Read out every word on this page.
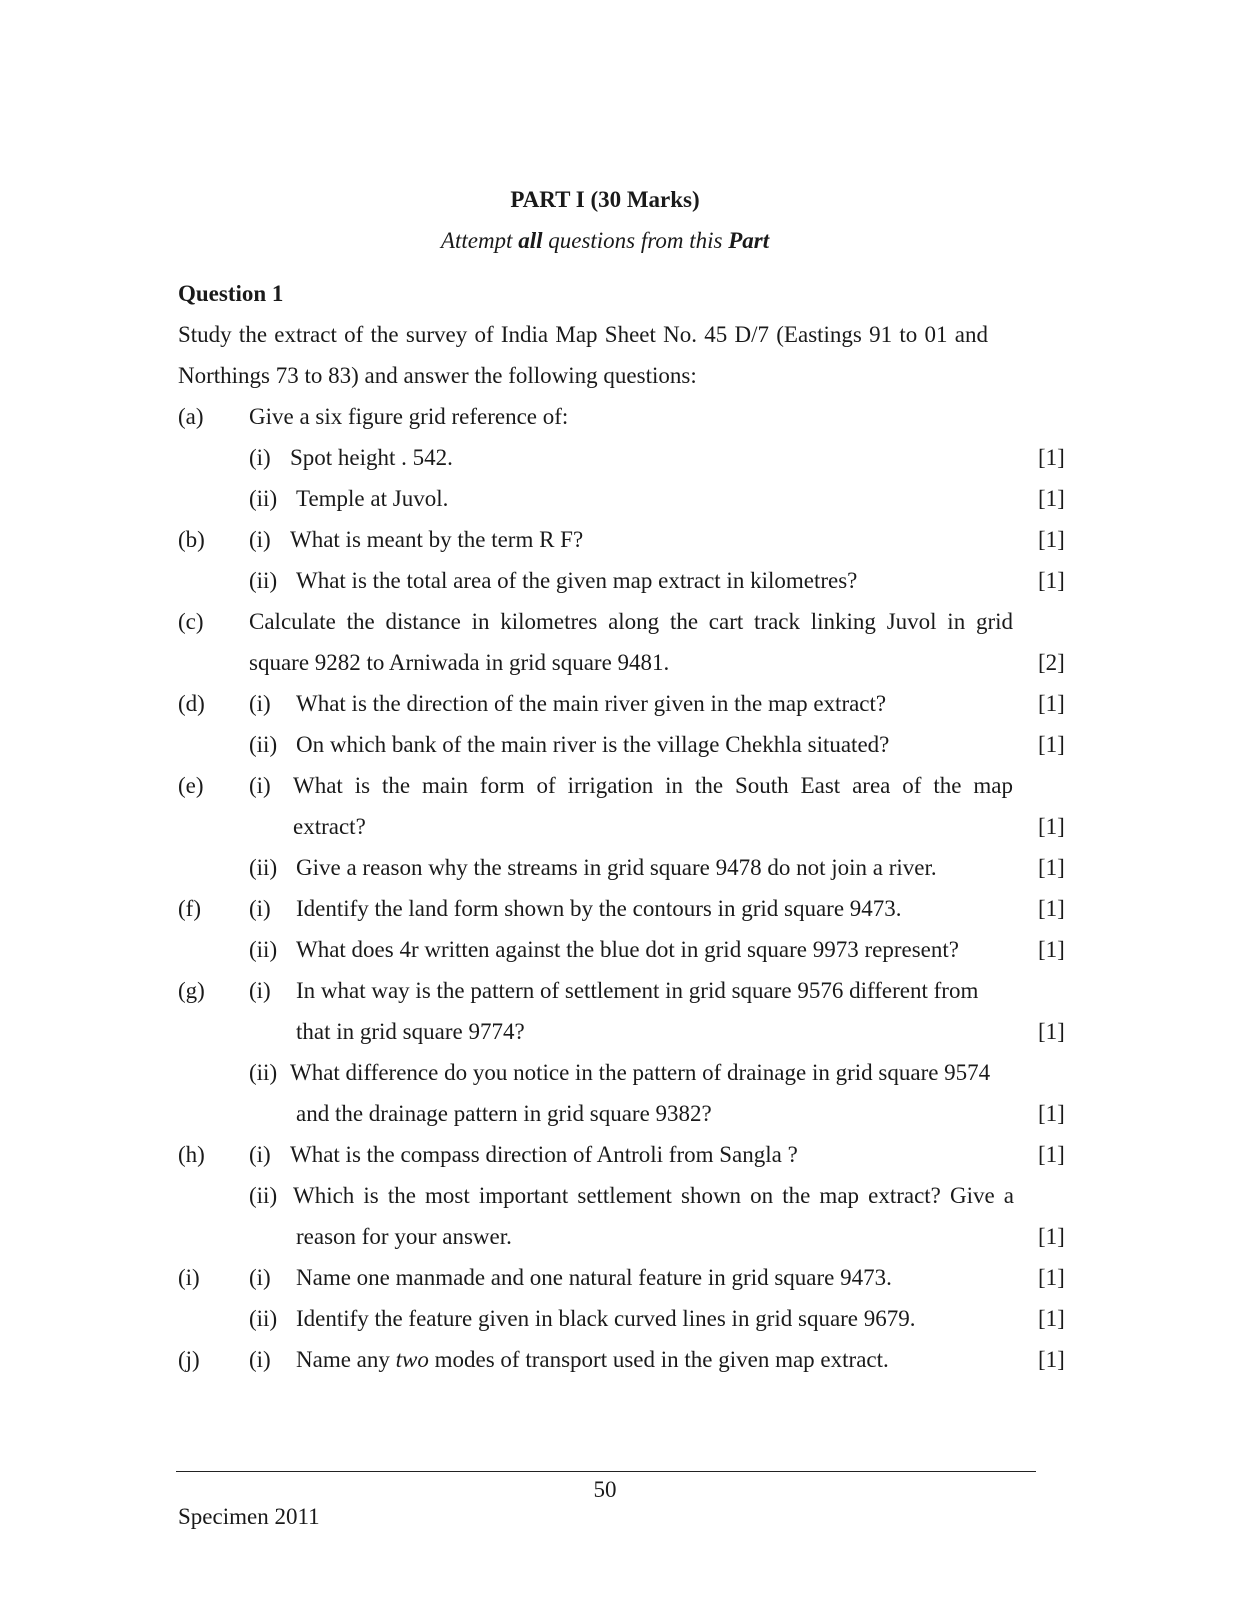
PART I (30 Marks)
Attempt all questions from this Part
Question 1
Study the extract of the survey of India Map Sheet No. 45 D/7 (Eastings 91 to 01 and
Northings 73 to 83) and answer the following questions:
(a) Give a six figure grid reference of:
(i) Spot height . 542.	[1]
(ii) Temple at Juvol.	[1]
(b) (i) What is meant by the term R F?	[1]
(ii) What is the total area of the given map extract in kilometres?	[1]
(c) Calculate the distance in kilometres along the cart track linking Juvol in grid
square 9282 to Arniwada in grid square 9481.	[2]
(d) (i) What is the direction of the main river given in the map extract?	[1]
(ii) On which bank of the main river is the village Chekhla situated?	[1]
(e) (i) What is the main form of irrigation in the South East area of the map
extract?	[1]
(ii) Give a reason why the streams in grid square 9478 do not join a river.	[1]
(f) (i) Identify the land form shown by the contours in grid square 9473.	[1]
(ii) What does 4r written against the blue dot in grid square 9973 represent?	[1]
(g) (i) In what way is the pattern of settlement in grid square 9576 different from
that in grid square 9774?	[1]
(ii) What difference do you notice in the pattern of drainage in grid square 9574
and the drainage pattern in grid square 9382?	[1]
(h) (i) What is the compass direction of Antroli from Sangla ?	[1]
(ii) Which is the most important settlement shown on the map extract? Give a
reason for your answer.	[1]
(i) (i) Name one manmade and one natural feature in grid square 9473.	[1]
(ii) Identify the feature given in black curved lines in grid square 9679.	[1]
(j) (i) Name any two modes of transport used in the given map extract.	[1]
50
Specimen 2011
